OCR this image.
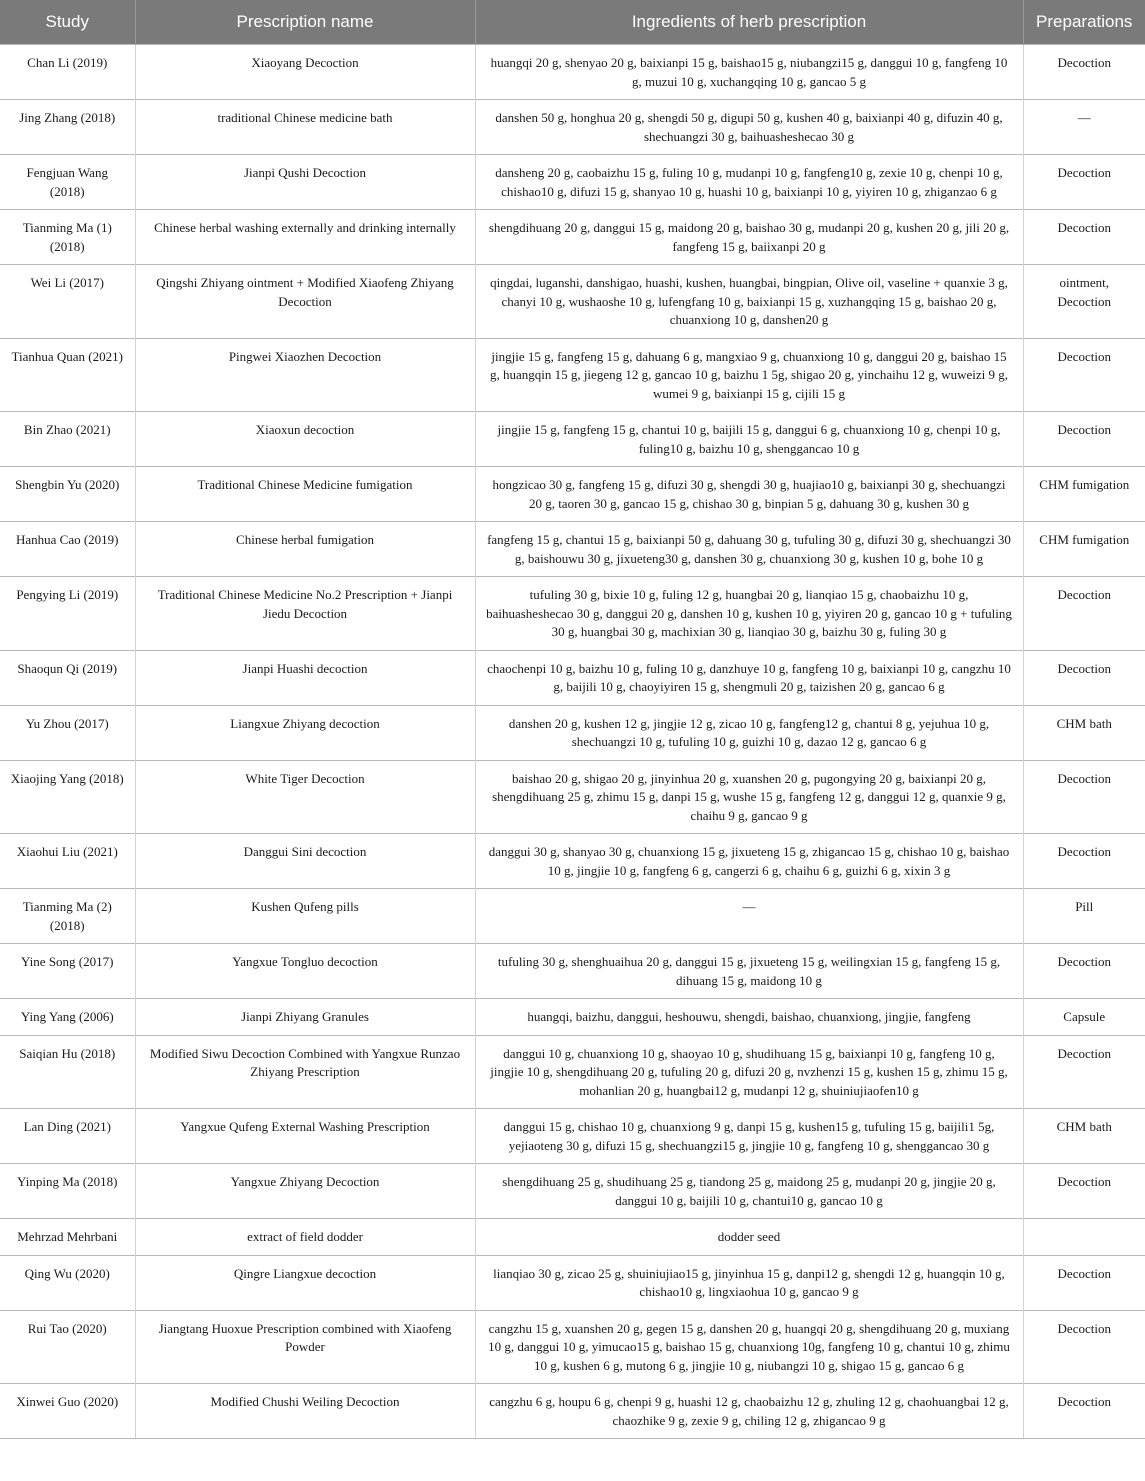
Study	Prescription name	Ingredients of herb prescription	Preparations
Chan Li (2019)	Xiaoyang Decoction	huangqi 20 g, shenyao 20 g, baixianpi 15 g, baishao15 g, niubangzi15 g, danggui 10 g, fangfeng 10 g, muzui 10 g, xuchangqing 10 g, gancao 5 g	Decoction
Jing Zhang (2018)	traditional Chinese medicine bath	danshen 50 g, honghua 20 g, shengdi 50 g, digupi 50 g, kushen 40 g, baixianpi 40 g, difuzin 40 g, shechuangzi 30 g, baihuasheshecao 30 g	—
Fengjuan Wang (2018)	Jianpi Qushi Decoction	dansheng 20 g, caobaizhu 15 g, fuling 10 g, mudanpi 10 g, fangfeng10 g, zexie 10 g, chenpi 10 g, chishao10 g, difuzi 15 g, shanyao 10 g, huashi 10 g, baixianpi 10 g, yiyiren 10 g, zhiganzao 6 g	Decoction
Tianming Ma (1) (2018)	Chinese herbal washing externally and drinking internally	shengdihuang 20 g, danggui 15 g, maidong 20 g, baishao 30 g, mudanpi 20 g, kushen 20 g, jili 20 g, fangfeng 15 g, baiixanpi 20 g	Decoction
Wei Li (2017)	Qingshi Zhiyang ointment + Modified Xiaofeng Zhiyang Decoction	qingdai, luganshi, danshigao, huashi, kushen, huangbai, bingpian, Olive oil, vaseline + quanxie 3 g, chanyi 10 g, wushaoshe 10 g, lufengfang 10 g, baixianpi 15 g, xuzhangqing 15 g, baishao 20 g, chuanxiong 10 g, danshen20 g	ointment, Decoction
Tianhua Quan (2021)	Pingwei Xiaozhen Decoction	jingjie 15 g, fangfeng 15 g, dahuang 6 g, mangxiao 9 g, chuanxiong 10 g, danggui 20 g, baishao 15 g, huangqin 15 g, jiegeng 12 g, gancao 10 g, baizhu 1 5g, shigao 20 g, yinchaihu 12 g, wuweizi 9 g, wumei 9 g, baixianpi 15 g, cijili 15 g	Decoction
Bin Zhao (2021)	Xiaoxun decoction	jingjie 15 g, fangfeng 15 g, chantui 10 g, baijili 15 g, danggui 6 g, chuanxiong 10 g, chenpi 10 g, fuling10 g, baizhu 10 g, shenggancao 10 g	Decoction
Shengbin Yu (2020)	Traditional Chinese Medicine fumigation	hongzicao 30 g, fangfeng 15 g, difuzi 30 g, shengdi 30 g, huajiao10 g, baixianpi 30 g, shechuangzi 20 g, taoren 30 g, gancao 15 g, chishao 30 g, binpian 5 g, dahuang 30 g, kushen 30 g	CHM fumigation
Hanhua Cao (2019)	Chinese herbal fumigation	fangfeng 15 g, chantui 15 g, baixianpi 50 g, dahuang 30 g, tufuling 30 g, difuzi 30 g, shechuangzi 30 g, baishouwu 30 g, jixueteng30 g, danshen 30 g, chuanxiong 30 g, kushen 10 g, bohe 10 g	CHM fumigation
Pengying Li (2019)	Traditional Chinese Medicine No.2 Prescription + Jianpi Jiedu Decoction	tufuling 30 g, bixie 10 g, fuling 12 g, huangbai 20 g, lianqiao 15 g, chaobaizhu 10 g, baihuasheshecao 30 g, danggui 20 g, danshen 10 g, kushen 10 g, yiyiren 20 g, gancao 10 g + tufuling 30 g, huangbai 30 g, machixian 30 g, lianqiao 30 g, baizhu 30 g, fuling 30 g	Decoction
Shaoqun Qi (2019)	Jianpi Huashi decoction	chaochenpi 10 g, baizhu 10 g, fuling 10 g, danzhuye 10 g, fangfeng 10 g, baixianpi 10 g, cangzhu 10 g, baijili 10 g, chaoyiyiren 15 g, shengmuli 20 g, taizishen 20 g, gancao 6 g	Decoction
Yu Zhou (2017)	Liangxue Zhiyang decoction	danshen 20 g, kushen 12 g, jingjie 12 g, zicao 10 g, fangfeng12 g, chantui 8 g, yejuhua 10 g, shechuangzi 10 g, tufuling 10 g, guizhi 10 g, dazao 12 g, gancao 6 g	CHM bath
Xiaojing Yang (2018)	White Tiger Decoction	baishao 20 g, shigao 20 g, jinyinhua 20 g, xuanshen 20 g, pugongying 20 g, baixianpi 20 g, shengdihuang 25 g, zhimu 15 g, danpi 15 g, wushe 15 g, fangfeng 12 g, danggui 12 g, quanxie 9 g, chaihu 9 g, gancao 9 g	Decoction
Xiaohui Liu (2021)	Danggui Sini decoction	danggui 30 g, shanyao 30 g, chuanxiong 15 g, jixueteng 15 g, zhigancao 15 g, chishao 10 g, baishao 10 g, jingjie 10 g, fangfeng 6 g, cangerzi 6 g, chaihu 6 g, guizhi 6 g, xixin 3 g	Decoction
Tianming Ma (2) (2018)	Kushen Qufeng pills	—	Pill
Yine Song (2017)	Yangxue Tongluo decoction	tufuling 30 g, shenghuaihua 20 g, danggui 15 g, jixueteng 15 g, weilingxian 15 g, fangfeng 15 g, dihuang 15 g, maidong 10 g	Decoction
Ying Yang (2006)	Jianpi Zhiyang Granules	huangqi, baizhu, danggui, heshouwu, shengdi, baishao, chuanxiong, jingjie, fangfeng	Capsule
Saiqian Hu (2018)	Modified Siwu Decoction Combined with Yangxue Runzao Zhiyang Prescription	danggui 10 g, chuanxiong 10 g, shaoyao 10 g, shudihuang 15 g, baixianpi 10 g, fangfeng 10 g, jingjie 10 g, shengdihuang 20 g, tufuling 20 g, difuzi 20 g, nvzhenzi 15 g, kushen 15 g, zhimu 15 g, mohanlian 20 g, huangbai12 g, mudanpi 12 g, shuiniujiaofen10 g	Decoction
Lan Ding (2021)	Yangxue Qufeng External Washing Prescription	danggui 15 g, chishao 10 g, chuanxiong 9 g, danpi 15 g, kushen15 g, tufuling 15 g, baijili1 5g, yejiaoteng 30 g, difuzi 15 g, shechuangzi15 g, jingjie 10 g, fangfeng 10 g, shenggancao 30 g	CHM bath
Yinping Ma (2018)	Yangxue Zhiyang Decoction	shengdihuang 25 g, shudihuang 25 g, tiandong 25 g, maidong 25 g, mudanpi 20 g, jingjie 20 g, danggui 10 g, baijili 10 g, chantui10 g, gancao 10 g	Decoction
Mehrzad Mehrbani	extract of field dodder	dodder seed	
Qing Wu (2020)	Qingre Liangxue decoction	lianqiao 30 g, zicao 25 g, shuiniujiao15 g, jinyinhua 15 g, danpi12 g, shengdi 12 g, huangqin 10 g, chishao10 g, lingxiaohua 10 g, gancao 9 g	Decoction
Rui Tao (2020)	Jiangtang Huoxue Prescription combined with Xiaofeng Powder	cangzhu 15 g, xuanshen 20 g, gegen 15 g, danshen 20 g, huangqi 20 g, shengdihuang 20 g, muxiang 10 g, danggui 10 g, yimucao15 g, baishao 15 g, chuanxiong 10g, fangfeng 10 g, chantui 10 g, zhimu 10 g, kushen 6 g, mutong 6 g, jingjie 10 g, niubangzi 10 g, shigao 15 g, gancao 6 g	Decoction
Xinwei Guo (2020)	Modified Chushi Weiling Decoction	cangzhu 6 g, houpu 6 g, chenpi 9 g, huashi 12 g, chaobaizhu 12 g, zhuling 12 g, chaohuangbai 12 g, chaozhike 9 g, zexie 9 g, chiling 12 g, zhigancao 9 g	Decoction
